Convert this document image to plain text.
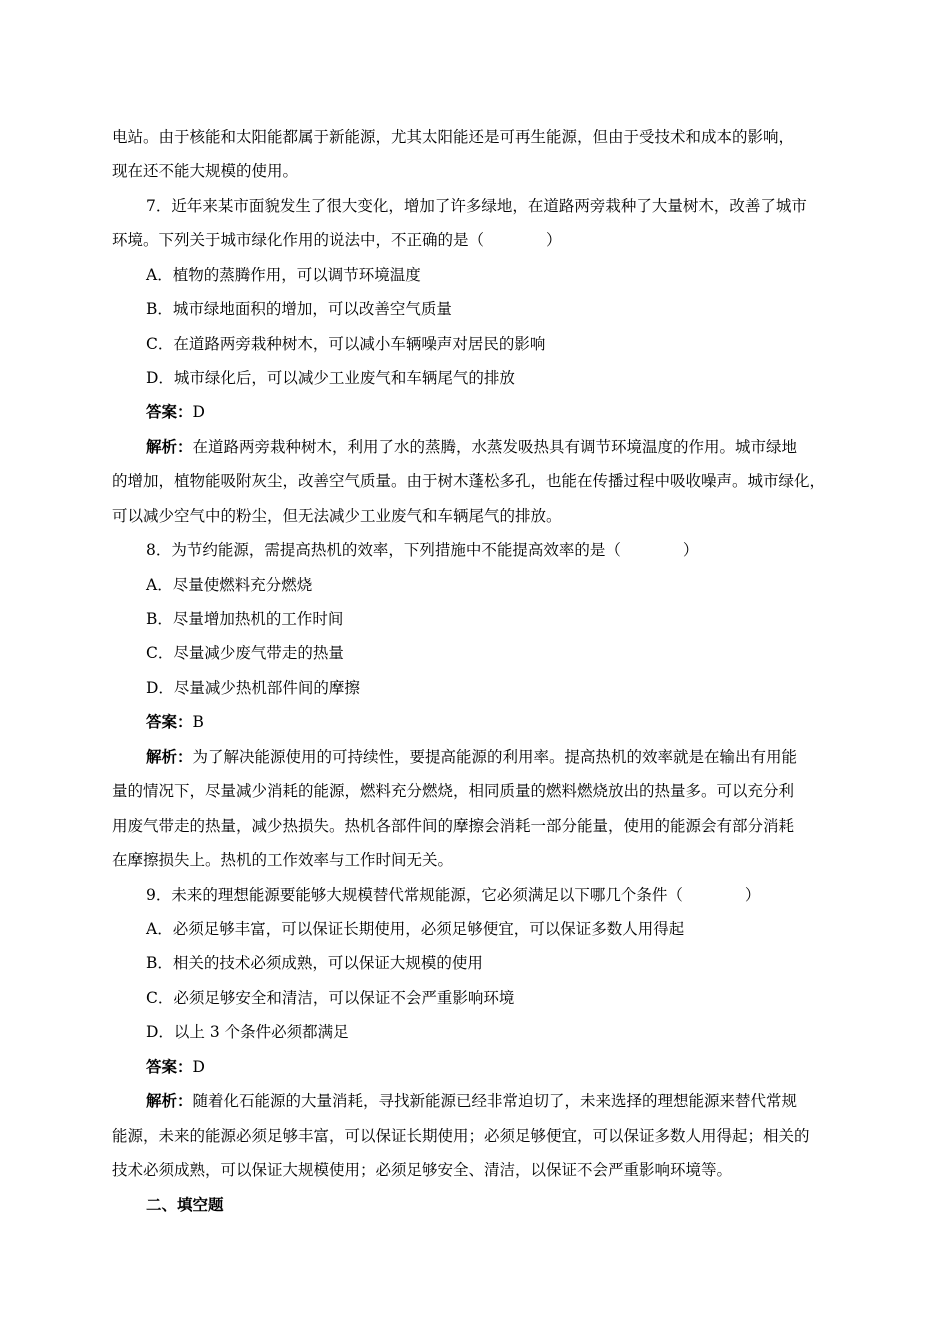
电站。由于核能和太阳能都属于新能源，尤其太阳能还是可再生能源，但由于受技术和成本的影响，
现在还不能大规模的使用。
7．近年来某市面貌发生了很大变化，增加了许多绿地，在道路两旁栽种了大量树木，改善了城市
环境。下列关于城市绿化作用的说法中，不正确的是（　　　　）
A．植物的蒸腾作用，可以调节环境温度
B．城市绿地面积的增加，可以改善空气质量
C．在道路两旁栽种树木，可以减小车辆噪声对居民的影响
D．城市绿化后，可以减少工业废气和车辆尾气的排放
答案：D
解析：在道路两旁栽种树木，利用了水的蒸腾，水蒸发吸热具有调节环境温度的作用。城市绿地
的增加，植物能吸附灰尘，改善空气质量。由于树木蓬松多孔，也能在传播过程中吸收噪声。城市绿化，
可以减少空气中的粉尘，但无法减少工业废气和车辆尾气的排放。
8．为节约能源，需提高热机的效率，下列措施中不能提高效率的是（　　　　）
A．尽量使燃料充分燃烧
B．尽量增加热机的工作时间
C．尽量减少废气带走的热量
D．尽量减少热机部件间的摩擦
答案：B
解析：为了解决能源使用的可持续性，要提高能源的利用率。提高热机的效率就是在输出有用能
量的情况下，尽量减少消耗的能源，燃料充分燃烧，相同质量的燃料燃烧放出的热量多。可以充分利
用废气带走的热量，减少热损失。热机各部件间的摩擦会消耗一部分能量，使用的能源会有部分消耗
在摩擦损失上。热机的工作效率与工作时间无关。
9．未来的理想能源要能够大规模替代常规能源，它必须满足以下哪几个条件（　　　　）
A．必须足够丰富，可以保证长期使用，必须足够便宜，可以保证多数人用得起
B．相关的技术必须成熟，可以保证大规模的使用
C．必须足够安全和清洁，可以保证不会严重影响环境
D．以上 3 个条件必须都满足
答案：D
解析：随着化石能源的大量消耗，寻找新能源已经非常迫切了，未来选择的理想能源来替代常规
能源，未来的能源必须足够丰富，可以保证长期使用；必须足够便宜，可以保证多数人用得起；相关的
技术必须成熟，可以保证大规模使用；必须足够安全、清洁，以保证不会严重影响环境等。
二、填空题
